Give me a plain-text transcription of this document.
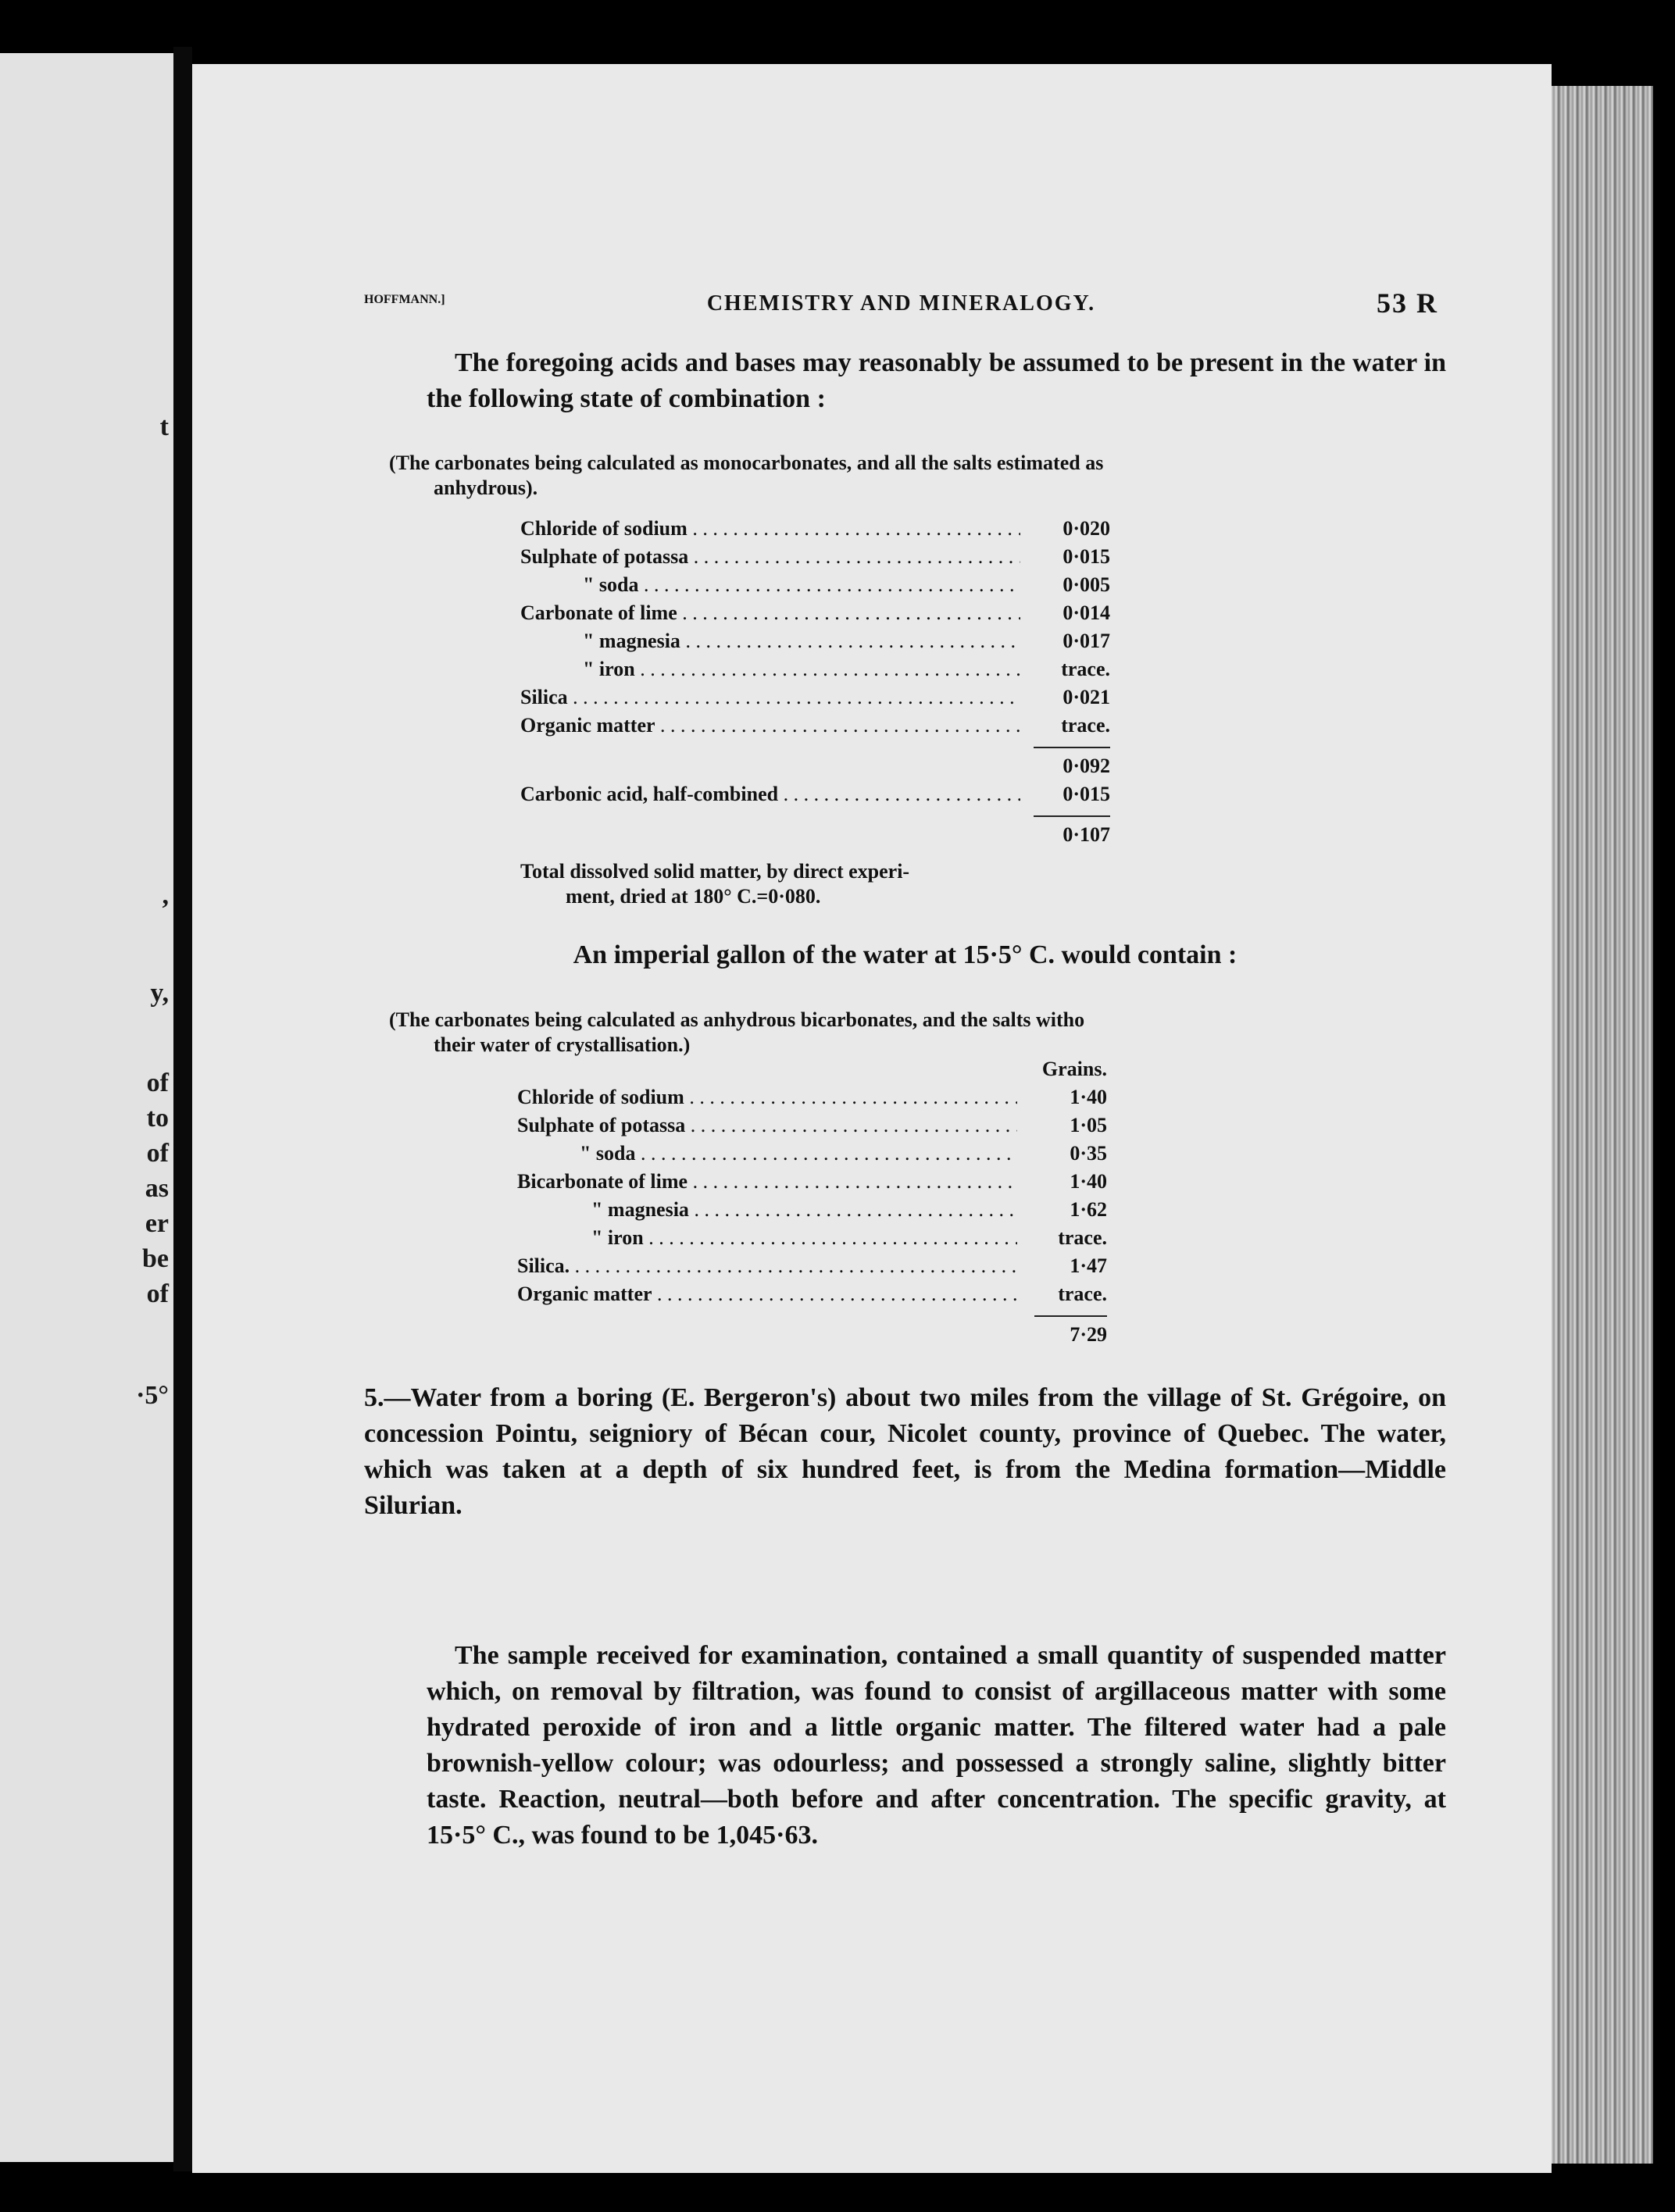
t
,
y,
of
to
of
as
er
be
of
·5°
HOFFMANN.]	CHEMISTRY AND MINERALOGY.	53 R
The foregoing acids and bases may reasonably be assumed to be present in the water in the following state of combination :
(The carbonates being calculated as monocarbonates, and all the salts estimated as
anhydrous).
Chloride of sodium . . .	0·020
Sulphate of potassa . . .	0·015
" soda . . .	0·005
Carbonate of lime . . .	0·014
" magnesia . . .	0·017
" iron . . .	trace.
Silica . . .	0·021
Organic matter . . .	trace.
0·092
Carbonic acid, half-combined . . .	0·015
0·107
Total dissolved solid matter, by direct experi-
ment, dried at 180° C.=0·080.
An imperial gallon of the water at 15·5° C. would contain :
(The carbonates being calculated as anhydrous bicarbonates, and the salts witho
their water of crystallisation.)
Grains.
Chloride of sodium . . .	1·40
Sulphate of potassa . . .	1·05
" soda . . .	0·35
Bicarbonate of lime . . .	1·40
" magnesia . . .	1·62
" iron . . .	trace.
Silica. . . .	1·47
Organic matter . . .	trace.
7·29
5.—Water from a boring (E. Bergeron's) about two miles from the village of St. Grégoire, on concession Pointu, seigniory of Bécan cour, Nicolet county, province of Quebec. The water, which was taken at a depth of six hundred feet, is from the Medina formation—Middle Silurian.
The sample received for examination, contained a small quantity of suspended matter which, on removal by filtration, was found to consist of argillaceous matter with some hydrated peroxide of iron and a little organic matter. The filtered water had a pale brownish-yellow colour; was odourless; and possessed a strongly saline, slightly bitter taste. Reaction, neutral—both before and after concentration. The specific gravity, at 15·5° C., was found to be 1,045·63.
